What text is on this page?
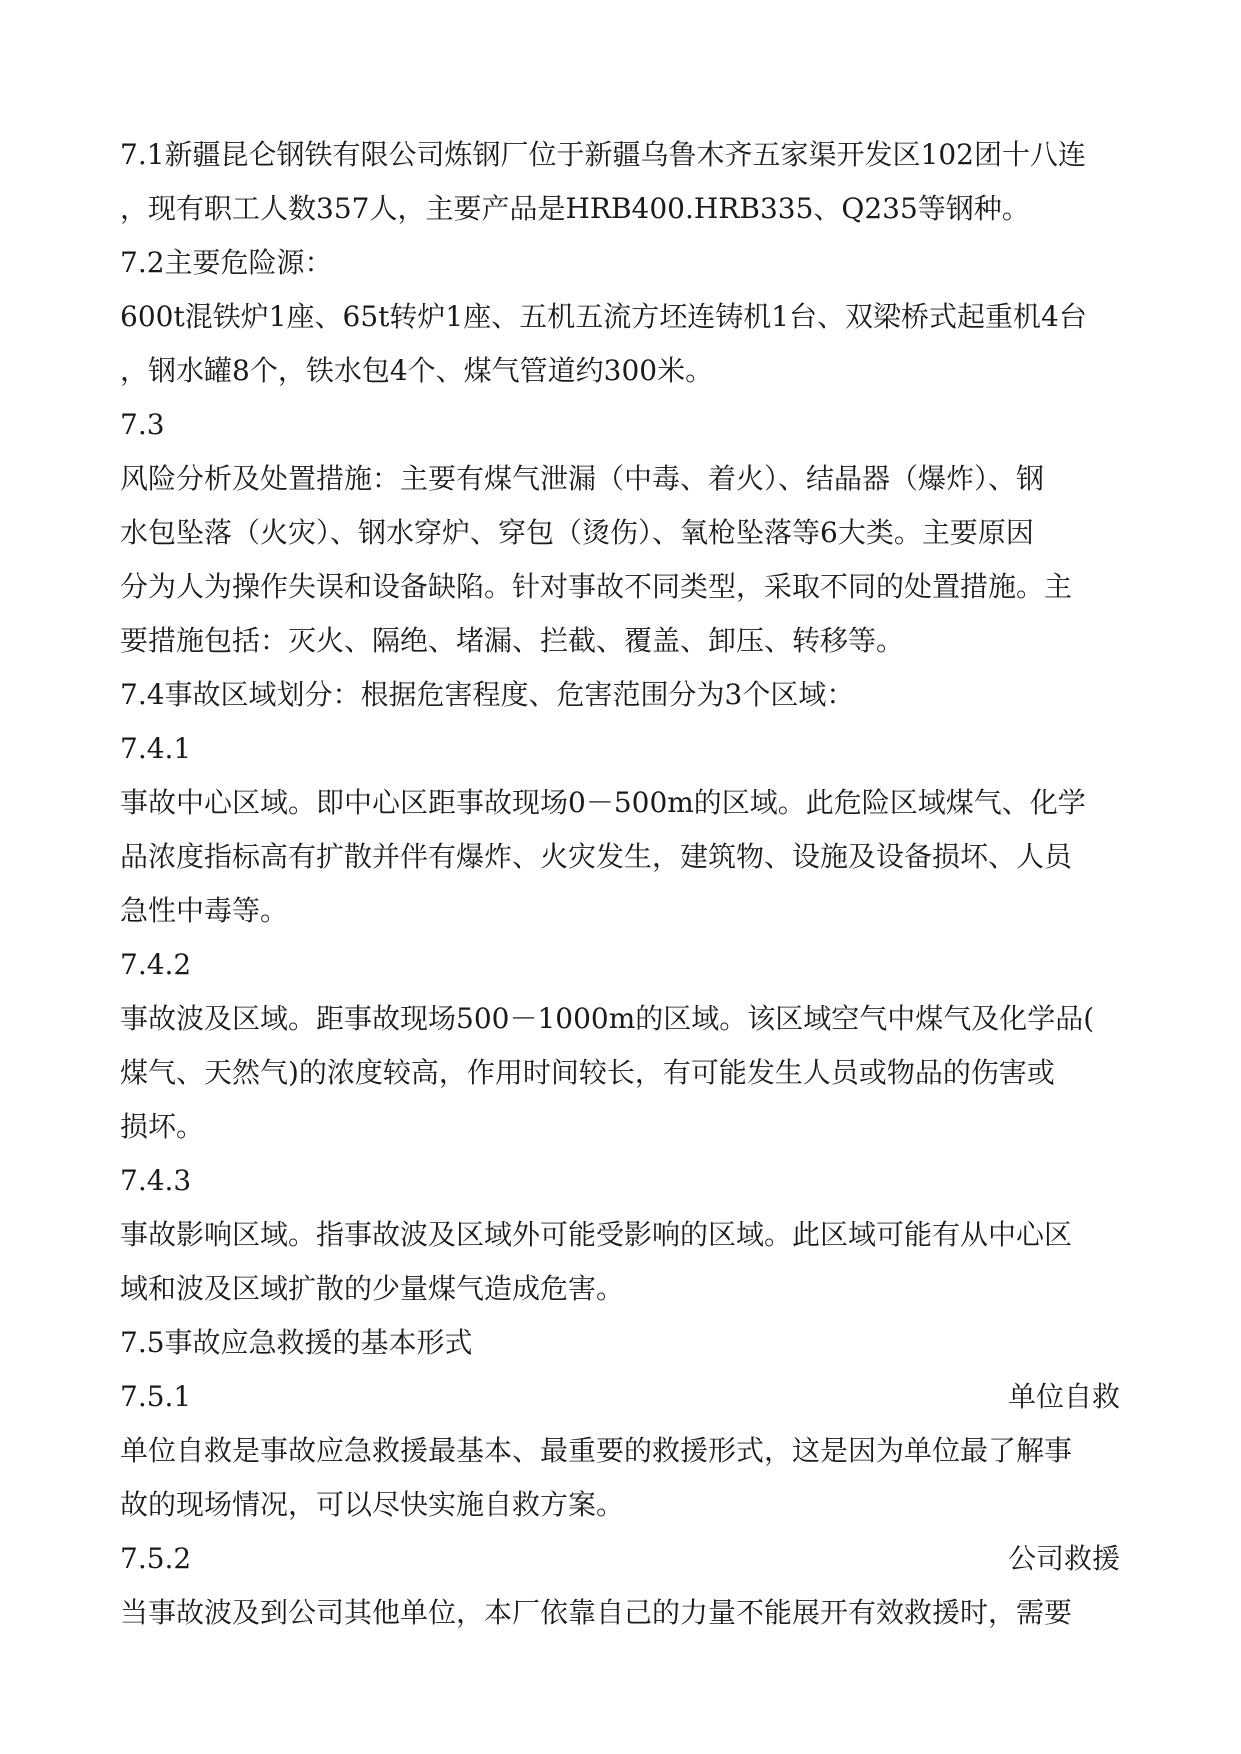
7.1新疆昆仑钢铁有限公司炼钢厂位于新疆乌鲁木齐五家渠开发区102团十八连
，现有职工人数357人，主要产品是HRB400.HRB335、Q235等钢种。
7.2主要危险源：
600t混铁炉1座、65t转炉1座、五机五流方坯连铸机1台、双梁桥式起重机4台
，钢水罐8个，铁水包4个、煤气管道约300米。
7.3
风险分析及处置措施：主要有煤气泄漏（中毒、着火）、结晶器（爆炸）、钢
水包坠落（火灾）、钢水穿炉、穿包（烫伤）、氧枪坠落等6大类。主要原因
分为人为操作失误和设备缺陷。针对事故不同类型，采取不同的处置措施。主
要措施包括：灭火、隔绝、堵漏、拦截、覆盖、卸压、转移等。
7.4事故区域划分：根据危害程度、危害范围分为3个区域：
7.4.1
事故中心区域。即中心区距事故现场0－500m的区域。此危险区域煤气、化学
品浓度指标高有扩散并伴有爆炸、火灾发生，建筑物、设施及设备损坏、人员
急性中毒等。
7.4.2
事故波及区域。距事故现场500－1000m的区域。该区域空气中煤气及化学品(
煤气、天然气)的浓度较高，作用时间较长，有可能发生人员或物品的伤害或
损坏。
7.4.3
事故影响区域。指事故波及区域外可能受影响的区域。此区域可能有从中心区
域和波及区域扩散的少量煤气造成危害。
7.5事故应急救援的基本形式
7.5.1	单位自救
单位自救是事故应急救援最基本、最重要的救援形式，这是因为单位最了解事
故的现场情况，可以尽快实施自救方案。
7.5.2	公司救援
当事故波及到公司其他单位，本厂依靠自己的力量不能展开有效救援时，需要
